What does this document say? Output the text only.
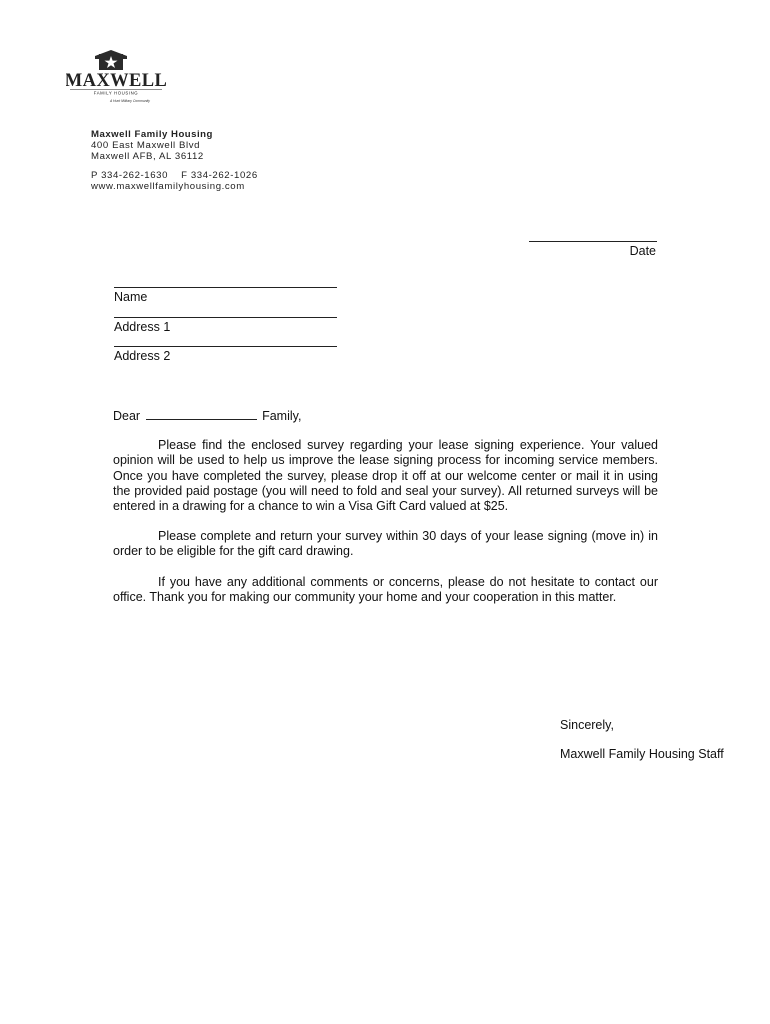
MAXWELL
FAMILY HOUSING
A Hunt Military Community
Maxwell Family Housing
400 East Maxwell Blvd
Maxwell AFB, AL 36112
P 334-262-1630    F 334-262-1026
www.maxwellfamilyhousing.com
Date
Name
Address 1
Address 2

Dear	Family,

Please find the enclosed survey regarding your lease signing experience. Your valued opinion will be used to help us improve the lease signing process for incoming service members. Once you have completed the survey, please drop it off at our welcome center or mail it in using the provided paid postage (you will need to fold and seal your survey). All returned surveys will be entered in a drawing for a chance to win a Visa Gift Card valued at $25.

Please complete and return your survey within 30 days of your lease signing (move in) in order to be eligible for the gift card drawing.

If you have any additional comments or concerns, please do not hesitate to contact our office. Thank you for making our community your home and your cooperation in this matter.

Sincerely,
Maxwell Family Housing Staff
